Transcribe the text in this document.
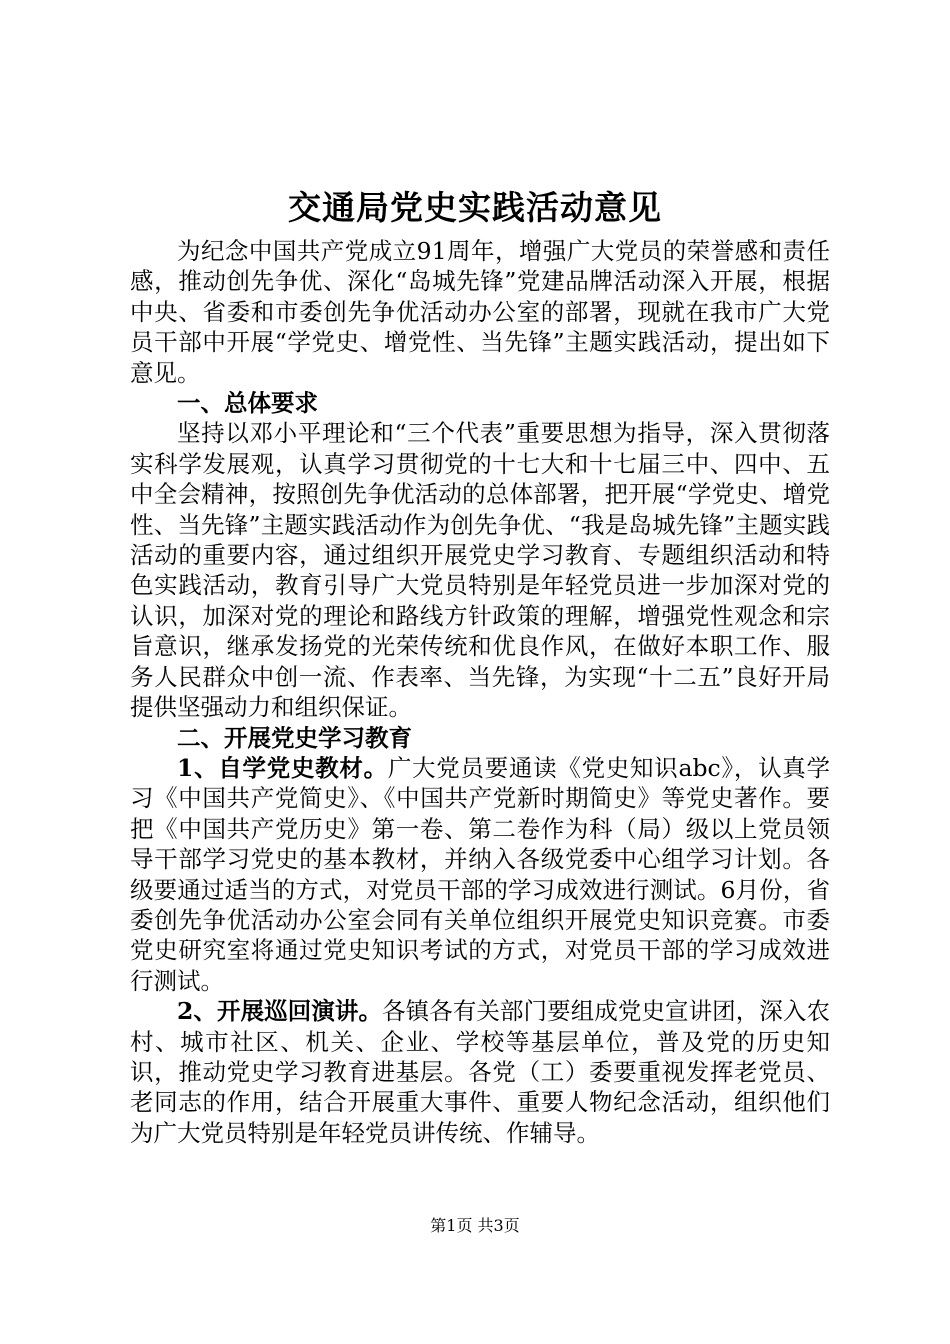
交通局党史实践活动意见

为纪念中国共产党成立91周年，增强广大党员的荣誉感和责任感，推动创先争优、深化“岛城先锋”党建品牌活动深入开展，根据中央、省委和市委创先争优活动办公室的部署，现就在我市广大党员干部中开展“学党史、增党性、当先锋”主题实践活动，提出如下意见。

一、总体要求

坚持以邓小平理论和“三个代表”重要思想为指导，深入贯彻落实科学发展观，认真学习贯彻党的十七大和十七届三中、四中、五中全会精神，按照创先争优活动的总体部署，把开展“学党史、增党性、当先锋”主题实践活动作为创先争优、“我是岛城先锋”主题实践活动的重要内容，通过组织开展党史学习教育、专题组织活动和特色实践活动，教育引导广大党员特别是年轻党员进一步加深对党的认识，加深对党的理论和路线方针政策的理解，增强党性观念和宗旨意识，继承发扬党的光荣传统和优良作风，在做好本职工作、服务人民群众中创一流、作表率、当先锋，为实现“十二五”良好开局提供坚强动力和组织保证。

二、开展党史学习教育

1、自学党史教材。广大党员要通读《党史知识abc》，认真学习《中国共产党简史》、《中国共产党新时期简史》等党史著作。要把《中国共产党历史》第一卷、第二卷作为科（局）级以上党员领导干部学习党史的基本教材，并纳入各级党委中心组学习计划。各级要通过适当的方式，对党员干部的学习成效进行测试。6月份，省委创先争优活动办公室会同有关单位组织开展党史知识竞赛。市委党史研究室将通过党史知识考试的方式，对党员干部的学习成效进行测试。

2、开展巡回演讲。各镇各有关部门要组成党史宣讲团，深入农村、城市社区、机关、企业、学校等基层单位，普及党的历史知识，推动党史学习教育进基层。各党（工）委要重视发挥老党员、老同志的作用，结合开展重大事件、重要人物纪念活动，组织他们为广大党员特别是年轻党员讲传统、作辅导。

第1页 共3页
